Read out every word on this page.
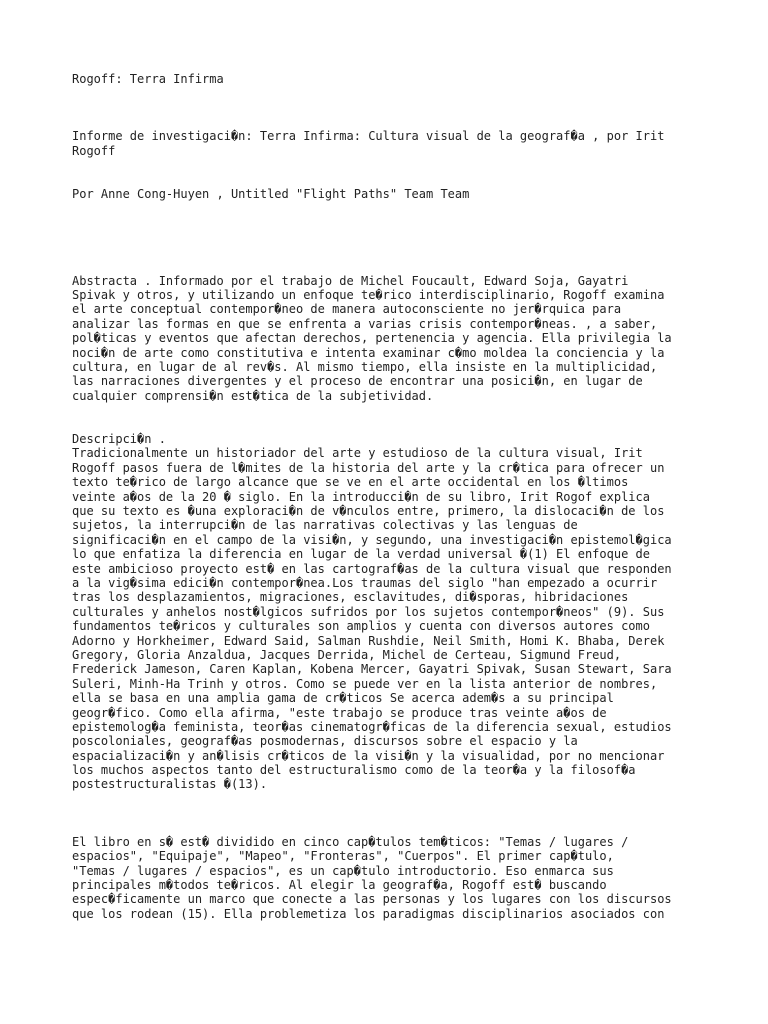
Rogoff: Terra Infirma

Informe de investigaci�n: Terra Infirma: Cultura visual de la geograf�a , por Irit
Rogoff

Por Anne Cong-Huyen , Untitled "Flight Paths" Team Team

Abstracta . Informado por el trabajo de Michel Foucault, Edward Soja, Gayatri
Spivak y otros, y utilizando un enfoque te�rico interdisciplinario, Rogoff examina
el arte conceptual contempor�neo de manera autoconsciente no jer�rquica para
analizar las formas en que se enfrenta a varias crisis contempor�neas. , a saber,
pol�ticas y eventos que afectan derechos, pertenencia y agencia. Ella privilegia la
noci�n de arte como constitutiva e intenta examinar c�mo moldea la conciencia y la
cultura, en lugar de al rev�s. Al mismo tiempo, ella insiste en la multiplicidad,
las narraciones divergentes y el proceso de encontrar una posici�n, en lugar de
cualquier comprensi�n est�tica de la subjetividad.

Descripci�n .
Tradicionalmente un historiador del arte y estudioso de la cultura visual, Irit
Rogoff pasos fuera de l�mites de la historia del arte y la cr�tica para ofrecer un
texto te�rico de largo alcance que se ve en el arte occidental en los �ltimos
veinte a�os de la 20 � siglo. En la introducci�n de su libro, Irit Rogof explica
que su texto es �una exploraci�n de v�nculos entre, primero, la dislocaci�n de los
sujetos, la interrupci�n de las narrativas colectivas y las lenguas de
significaci�n en el campo de la visi�n, y segundo, una investigaci�n epistemol�gica
lo que enfatiza la diferencia en lugar de la verdad universal �(1) El enfoque de
este ambicioso proyecto est� en las cartograf�as de la cultura visual que responden
a la vig�sima edici�n contempor�nea.Los traumas del siglo "han empezado a ocurrir
tras los desplazamientos, migraciones, esclavitudes, di�sporas, hibridaciones
culturales y anhelos nost�lgicos sufridos por los sujetos contempor�neos" (9). Sus
fundamentos te�ricos y culturales son amplios y cuenta con diversos autores como
Adorno y Horkheimer, Edward Said, Salman Rushdie, Neil Smith, Homi K. Bhaba, Derek
Gregory, Gloria Anzaldua, Jacques Derrida, Michel de Certeau, Sigmund Freud,
Frederick Jameson, Caren Kaplan, Kobena Mercer, Gayatri Spivak, Susan Stewart, Sara
Suleri, Minh-Ha Trinh y otros. Como se puede ver en la lista anterior de nombres,
ella se basa en una amplia gama de cr�ticos Se acerca adem�s a su principal
geogr�fico. Como ella afirma, "este trabajo se produce tras veinte a�os de
epistemolog�a feminista, teor�as cinematogr�ficas de la diferencia sexual, estudios
poscoloniales, geograf�as posmodernas, discursos sobre el espacio y la
espacializaci�n y an�lisis cr�ticos de la visi�n y la visualidad, por no mencionar
los muchos aspectos tanto del estructuralismo como de la teor�a y la filosof�a
postestructuralistas �(13).

El libro en s� est� dividido en cinco cap�tulos tem�ticos: "Temas / lugares /
espacios", "Equipaje", "Mapeo", "Fronteras", "Cuerpos". El primer cap�tulo,
"Temas / lugares / espacios", es un cap�tulo introductorio. Eso enmarca sus
principales m�todos te�ricos. Al elegir la geograf�a, Rogoff est� buscando
espec�ficamente un marco que conecte a las personas y los lugares con los discursos
que los rodean (15). Ella problemetiza los paradigmas disciplinarios asociados con
